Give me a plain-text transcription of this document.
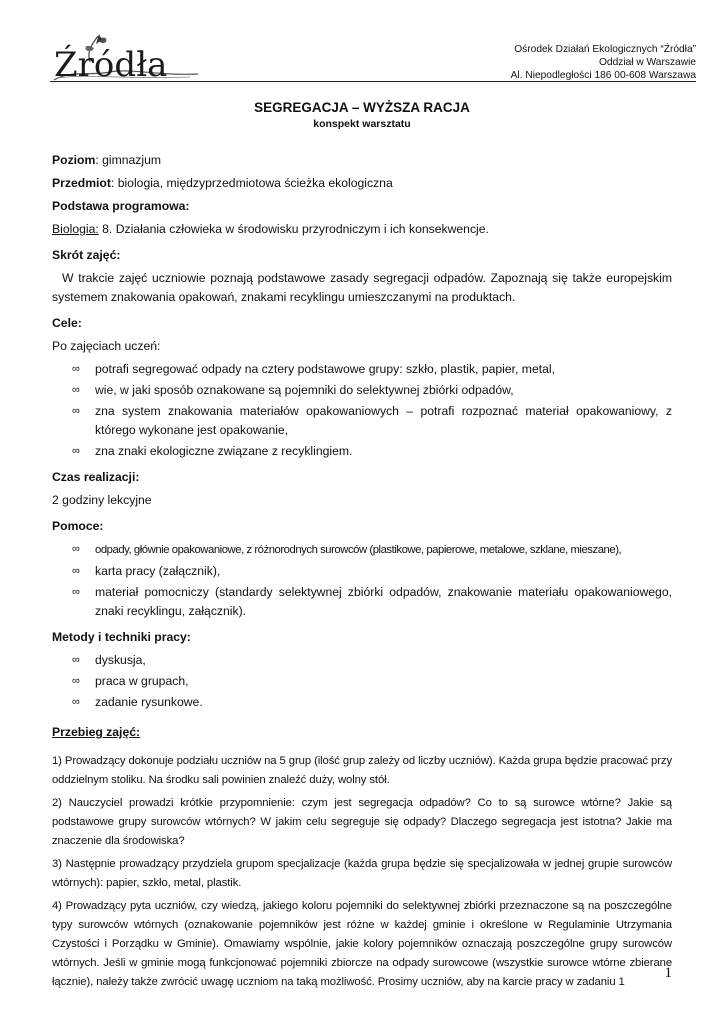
Źródła	Ośrodek Działań Ekologicznych “Źródła”
Oddział w Warszawie
Al. Niepodległości 186 00-608 Warszawa
SEGREGACJA – WYŻSZA RACJA
konspekt warsztatu

Poziom: gimnazjum

Przedmiot: biologia, międzyprzedmiotowa ścieżka ekologiczna

Podstawa programowa:

Biologia: 8. Działania człowieka w środowisku przyrodniczym i ich konsekwencje.

Skrót zajęć:

W trakcie zajęć uczniowie poznają podstawowe zasady segregacji odpadów. Zapoznają się także europejskim systemem znakowania opakowań, znakami recyklingu umieszczanymi na produktach.

Cele:

Po zajęciach uczeń:

∞ potrafi segregować odpady na cztery podstawowe grupy: szkło, plastik, papier, metal,
∞ wie, w jaki sposób oznakowane są pojemniki do selektywnej zbiórki odpadów,
∞ zna system znakowania materiałów opakowaniowych – potrafi rozpoznać materiał opakowaniowy, z którego wykonane jest opakowanie,
∞ zna znaki ekologiczne związane z recyklingiem.

Czas realizacji:

2 godziny lekcyjne

Pomoce:

∞ odpady, głównie opakowaniowe, z różnorodnych surowców (plastikowe, papierowe, metalowe, szklane, mieszane),
∞ karta pracy (załącznik),
∞ materiał pomocniczy (standardy selektywnej zbiórki odpadów, znakowanie materiału opakowaniowego, znaki recyklingu, załącznik).

Metody i techniki pracy:

∞ dyskusja,
∞ praca w grupach,
∞ zadanie rysunkowe.

Przebieg zajęć:

1) Prowadzący dokonuje podziału uczniów na 5 grup (ilość grup zależy od liczby uczniów). Każda grupa będzie pracować przy oddzielnym stoliku. Na środku sali powinien znaleźć duży, wolny stół.

2) Nauczyciel prowadzi krótkie przypomnienie: czym jest segregacja odpadów? Co to są surowce wtórne? Jakie są podstawowe grupy surowców wtórnych? W jakim celu segreguje się odpady? Dlaczego segregacja jest istotna? Jakie ma znaczenie dla środowiska?

3) Następnie prowadzący przydziela grupom specjalizacje (każda grupa będzie się specjalizowała w jednej grupie surowców wtórnych): papier, szkło, metal, plastik.

4) Prowadzący pyta uczniów, czy wiedzą, jakiego koloru pojemniki do selektywnej zbiórki przeznaczone są na poszczególne typy surowców wtórnych (oznakowanie pojemników jest różne w każdej gminie i określone w Regulaminie Utrzymania Czystości i Porządku w Gminie). Omawiamy wspólnie, jakie kolory pojemników oznaczają poszczególne grupy surowców wtórnych. Jeśli w gminie mogą funkcjonować pojemniki zbiorcze na odpady surowcowe (wszystkie surowce wtórne zbierane łącznie), należy także zwrócić uwagę uczniom na taką możliwość. Prosimy uczniów, aby na karcie pracy w zadaniu 1

1
